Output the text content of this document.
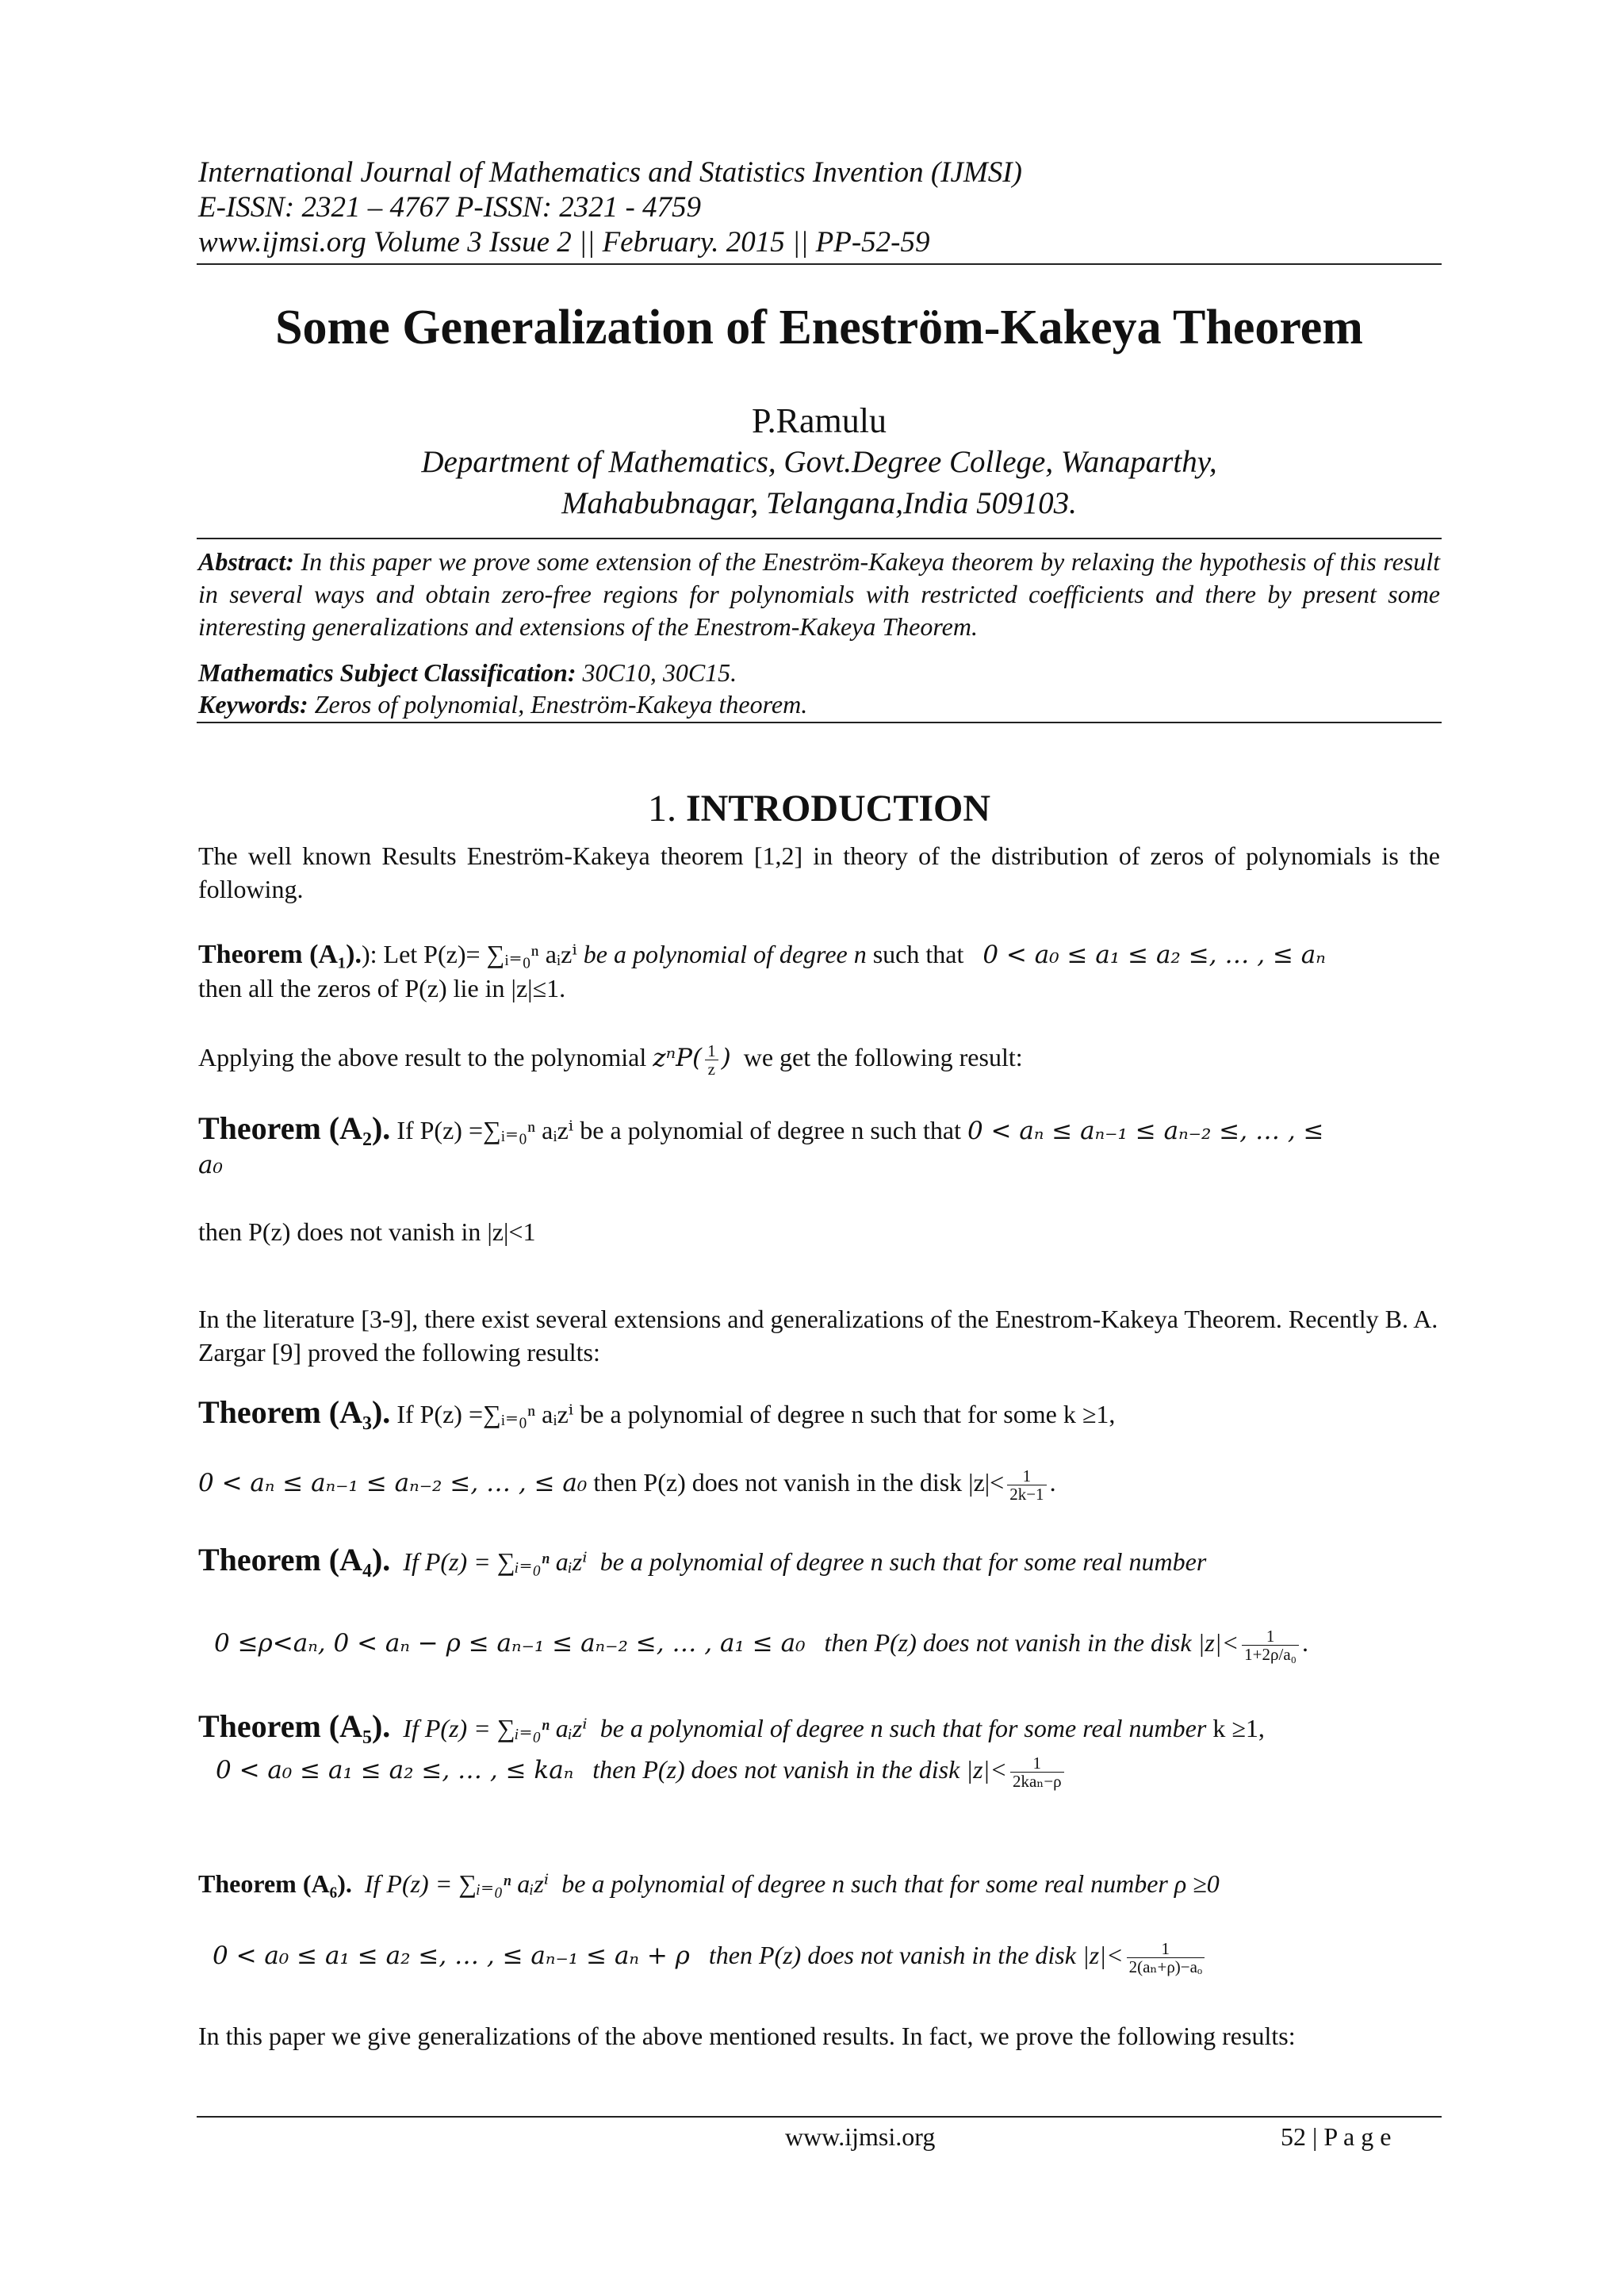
International Journal of Mathematics and Statistics Invention (IJMSI)
E-ISSN: 2321 – 4767 P-ISSN: 2321 - 4759
www.ijmsi.org Volume 3 Issue 2 || February. 2015 || PP-52-59
Some Generalization of Eneström-Kakeya Theorem
P.Ramulu
Department of Mathematics, Govt.Degree College, Wanaparthy,
Mahabubnagar, Telangana,India 509103.
Abstract: In this paper we prove some extension of the Eneström-Kakeya theorem by relaxing the hypothesis of this result in several ways and obtain zero-free regions for polynomials with restricted coefficients and there by present some interesting generalizations and extensions of the Enestrom-Kakeya Theorem.
Mathematics Subject Classification: 30C10, 30C15.
Keywords: Zeros of polynomial, Eneström-Kakeya theorem.
1. INTRODUCTION
The well known Results Eneström-Kakeya theorem [1,2] in theory of the distribution of zeros of polynomials is the following.
Theorem (A₁).): Let P(z)= ∑ᵢ₌₀ⁿ aᵢzⁱ be a polynomial of degree n such that 0 < a₀ ≤ a₁ ≤ a₂ ≤, … , ≤ aₙ
then all the zeros of P(z) lie in |z|≤1.
Applying the above result to the polynomial $z^nP( \frac{1}{z}$ ) we get the following result:
Theorem (A₂). If P(z) =∑ᵢ₌₀ⁿ aᵢzⁱ be a polynomial of degree n such that 0 < aₙ ≤ aₙ₋₁ ≤ aₙ₋₂ ≤, … , ≤
a₀
then P(z) does not vanish in |z|<1
In the literature [3-9], there exist several extensions and generalizations of the Enestrom-Kakeya Theorem. Recently B. A. Zargar [9] proved the following results:
Theorem (A₃). If P(z) =∑ᵢ₌₀ⁿ aᵢzⁱ be a polynomial of degree n such that for some k ≥1,
0 < aₙ ≤ aₙ₋₁ ≤ aₙ₋₂ ≤, … , ≤ a₀ then P(z) does not vanish in the disk $|z|< \frac{1}{2k-1}$ .
Theorem (A₄). If P(z) = ∑ᵢ₌₀ⁿ aᵢzⁱ be a polynomial of degree n such that for some real number
0 ≤ρ<aₙ, 0 < aₙ − ρ ≤ aₙ₋₁ ≤ aₙ₋₂ ≤, … , a₁ ≤ a₀ then P(z) does not vanish in the disk $|z|< \frac{1}{\text{1+2ρ/a₀}}$ .
Theorem (A₅). If P(z) = ∑ᵢ₌₀ⁿ aᵢzⁱ be a polynomial of degree n such that for some real number k ≥1,
0 < a₀ ≤ a₁ ≤ a₂ ≤, … , ≤ kaₙ then P(z) does not vanish in the disk $|z|< \frac{1}{\text{2kaₙ−ρ}}$
Theorem (A₆). If P(z) = ∑ᵢ₌₀ⁿ aᵢzⁱ be a polynomial of degree n such that for some real number ρ ≥0
0 < a₀ ≤ a₁ ≤ a₂ ≤, … , ≤ aₙ₋₁ ≤ aₙ + ρ then P(z) does not vanish in the disk $|z|< \frac{1}{\text{2(aₙ+ρ)−aₒ}}$
In this paper we give generalizations of the above mentioned results. In fact, we prove the following results:
www.ijmsi.org	52 | P a g e
